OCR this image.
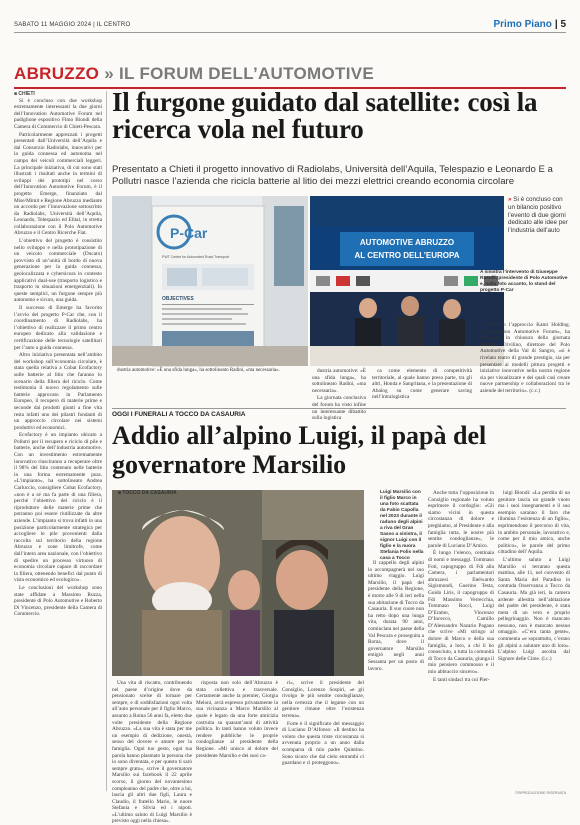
SABATO 11 MAGGIO 2024 | IL CENTRO	Primo Piano | 5
ABRUZZO » IL FORUM DELL’AUTOMOTIVE
■ CHIETI

Si è concluso con due workshop estremamente interessanti la due giorni dell’Innovation Automotive Forum nel padiglione espositivo Fimo Biondi della Camera di Commercio di Chieti-Pescara.

Particolarmente apprezzati i progetti presentati dall’Università dell’Aquila e dal Consorzio Radiolabs, innovativi per la guida connessa ed autonoma nel campo dei veicoli commerciali leggeri. La principale iniziativa, di cui sono stati illustrati i risultati anche in termini di sviluppi dei prototipi nel corso dell’Innovation Automotive Forum, è il progetto Emerge, finanziato dal Mise/Mimit e Regione Abruzzo mediante un accordo per l’innovazione sottoscritto da Radiolabs, Università dell’Aquila, Leonardo, Telespazio ed Elital, in stretta collaborazione con il Polo Automotive Abruzzo e il Centro Ricerche Fiat.

L’obiettivo del progetto è consistito nello sviluppo e nella prototipazione di un veicolo commerciale (Ducato) provvisto di un’unità di bordo di nuova generazione per la guida connessa, geolocalizzata e cybersicura in contesto applicativi dual-use (trasporto logistico e trasporto in situazioni emergenziali). In queste semplici, un furgone sempre più autonomo e sicuro, una guida.

Il successo di Emerge ha favorito l’avvio del progetto P-Car che, con il coordinamento di Radiolabs, ha l’obiettivo di realizzare il primo centro europeo dedicato alla validazione e certificazione delle tecnologie satellitari per l’auto a guida connessa.

Altro iniziativa presentata nell’ambito del workshop sull’economia circolare, è stata quella relativa a Cobat Ecofactory sulle batterie al litio che faranno lo scenario della filiera del riciclo. Come testimonia il nuovo regolamento sulle batterie approvato in Parlamento Europeo, il recupero di materie prime e seconde dai prodotti giunti a fine vita resta infatti uno dei pilastri fondanti di un approccio circolare nei sistemi produttivi ed economici.

Ecofactory è un impianto ubicato a Pollutri per il recupero e riciclo di pile e batterie, anche dell’industria automotive. Con un investimento estremamente innovativo riusciranno a recuperare oltre il 98% del litio contenuto nelle batterie in una forma estremamente pura. «L’impianto», ha sottolineato Andrea Carluccio, consigliere Cobat Ecofactory, «non è a sé ma fa parte di una filiera, perché l’obiettivo del riciclo è il riproduttore delle materie prime che potranno poi essere riutilizzate da altre aziende. L’impianto si trova infatti in una posizione particolarmente strategica per accogliere le pile provenienti dalla raccolta sul territorio della regione Abruzzo e zone limitrofe, come dall’intero area nazionale, con l’obiettivo di spedire un processo virtuoso di economia circolare capace di raccordare la filiera, ottenendo benefici dal punto di vista economico ed ecologico».

Le conclusioni del workshop sono state affidate a Massimo Ruzza, presidente di Polo Automotive e Roberto Di Vincenzo, presidente della Camera di Commercio.

Il furgone guidato dal satellite: così la ricerca vola nel futuro
Presentato a Chieti il progetto innovativo di Radiolabs, Università dell’Aquila, Telespazio e Leonardo E a Pollutri nasce l’azienda che ricicla batterie al litio dei mezzi elettrici creando economia circolare
P-Car
PWT Center for Automated Road Transport
OBJECTIVES
AUTOMOTIVE ABRUZZO
AL CENTRO DELL’EUROPA
» Si è concluso con un bilancio positivo l’evento di due giorni dedicato alle idee per l’industria dell’auto
A sinistra l’intervento di Giuseppe Rasulli, presidente di Polo Automotive e, nella foto accanto, lo stand del progetto P-Car

dustria automotive: «È una sfida lunga», ha sottolineato Radini, «ma necessaria».

La giornata conclusiva del forum ha visto infine un interessante dibattito sulla logistica

ca come elemento di competitività territoriale, al quale hanno preso parte, tra gli altri, Honda e Sangritana, e la presentazione di Abalog su come generare saving nell’intralogistica

stica con l’approccio Kami Holding. «L’Innovation Automotive Forum», ha dichiarato in chiusura della giornata Raffaele Trivilino, direttore del Polo Automotive della Val di Sangro, «si è rivelato teatro di grande prestigio, sia per presentare ai modelli pittura progetti e iniziative innovative nella nostra regione sia per visualizzare e dei quali casi creare nuove partnership e collaborazioni tra le aziende del territorio». (c.c.)

dustria automotive: «È una sfida lunga», ha sottolineato Radini, «ma necessaria».

OGGI I FUNERALI A TOCCO DA CASAURIA
Addio all’alpino Luigi, il papà del governatore Marsilio
■ TOCCO DA CASAURIA	Luigi Marsilio con il figlio Marco in una foto scattata da Fabio Capolla nel 2023 durante il raduno degli alpini a riva del Gran Sasso a sinistra, il signor Luigi con il figlio e la nuora Stefania Folis nella casa a Tocco

Una vita di riscatto, contribuendo nel paese d’origine dove da pensionato scelse di tornare per sempre, e di soddisfazioni ogni volta all’auto personale per il figlio Marco, assunto a Roma 56 anni fa, eletto due volte presidente della Regione Abruzzo. «La sua vita è stata per me un esempio di dedizione, onestà, senso del dovere e amore per la famiglia. Ogni tuo gesto, ogni tua parola hanno plasmato la persona che io sono diventata, e per questo ti sarò sempre grato», scrive il governatore Marsilio sui facebook il 22 aprile scorso, il giorno del novantesimo compleanno del padre che, oltre a lui, lascia gli altri due figli, Laura e Claudio, il fratello Mario, le nuore Stefania e Silvia ed i nipoti. «L’ultimo saluto di Luigi Marsilio è previsto oggi nella chiesa».

risposta non solo dell’Abruzzo è stata collettiva e trasversale. Certamente anche la premier, Giorgia Meloni, avrà espresso privatamente la sua vicinanza a Marco Marsilio al quale è legato da una forte amicizia costruita su quarant’anni di attività politica. In tanti hanno voluto invece rendere pubbliche le proprie condoglianze al presidente della Regione. «Mi unisco al dolore del presidente Marsilio e dei suoi ca-

ri», scrive il presidente del Consiglio, Lorenzo Sospiri, «e gli rivolgo le più sentite condoglianze, nella certezza che il legame con un genitore rimane oltre l’esistenza terrena».

Forte è il significato del messaggio di Luciano D’Alfonso: «Il destino ha voluto che questa triste circostanza si avvenuta proprio a un anno dalla scomparsa di mio padre Quintino. Sono sicuro che dal cielo entrambi ci guardano e ci proteggono».

Anche tutta l’opposizione in Consiglio regionale ha voluto esprimere il cordoglio: «Gli siamo vicini in questa circostanza di dolore e preghiamo, al Presidente e alla famiglia tutta, le nostre più sentite condoglianze», le parole di Luciano D’Amico.

È lungo l’elenco, centinaia di nomi e messaggi. Tommaso Foti, capogruppo di Fdi alla Camera, i parlamentari abruzzesi Etelwardo Sigismondi, Guerino Testa, Guido Liris, il capogruppo di Fdi Massimo Verrecchia, Tommaso Rocci, Luigi D’Eramo, Vincenzo D’Incecco, Camillo D’Alessandro Nazario Pagano che scrive «Mi stringo al dolore di Marco e della sua famiglia, a loro, a chi li ho conosciuto, a tutta la comunità di Tocco da Casauria, giunga il mio pensiero commosso e il mio abbraccio sincero».

E tanti sindaci tra cui Pier-

luigi Biondi: «La perdita di un genitore lascia un grande vuoto ma i suoi insegnamenti e il suo esempio saranno il faro che illumina l’esistenza di un figlio», esprimendone il percorso di vita, in ambito personale, lavorativo e, come per il mio amico, anche politico», le parole del primo cittadino dell’Aquila.

L’ultimo saluto a Luigi Marsilio si terranno questa mattina, alle 11, nel convento di Santa Maria del Paradiso in contrada Osservanza a Tocco da Casauria. Ma già ieri, la camera ardente allestita nell’abitazione del padre del presidente, è stata meta di un vero e proprio pellegrinaggio. Non è mancato nessuno, non è mancato nessun omaggio. «C’era tanta gente», commenta «e soprattutto, c’erano gli alpini a salutare uno di loro». L’alpino Luigi ascolta dal Signore delle Cime. (l.c.)

Il cappello degli alpini lo accompagnerà nel suo ultimo viaggio. Luigi Marsilio, il papà del presidente della Regione, è morto alle 9 di ieri nella sua abitazione di Tocco da Casauria. Il suo cuore non ha retto dopo una lunga vita, durata 90 anni, cominciata nel paese della Val Pescara e proseguita a Roma, dove il governatore Marsilio emigrò negli anni Sessanta per un posto di lavoro.

©RIPRODUZIONE RISERVATA
